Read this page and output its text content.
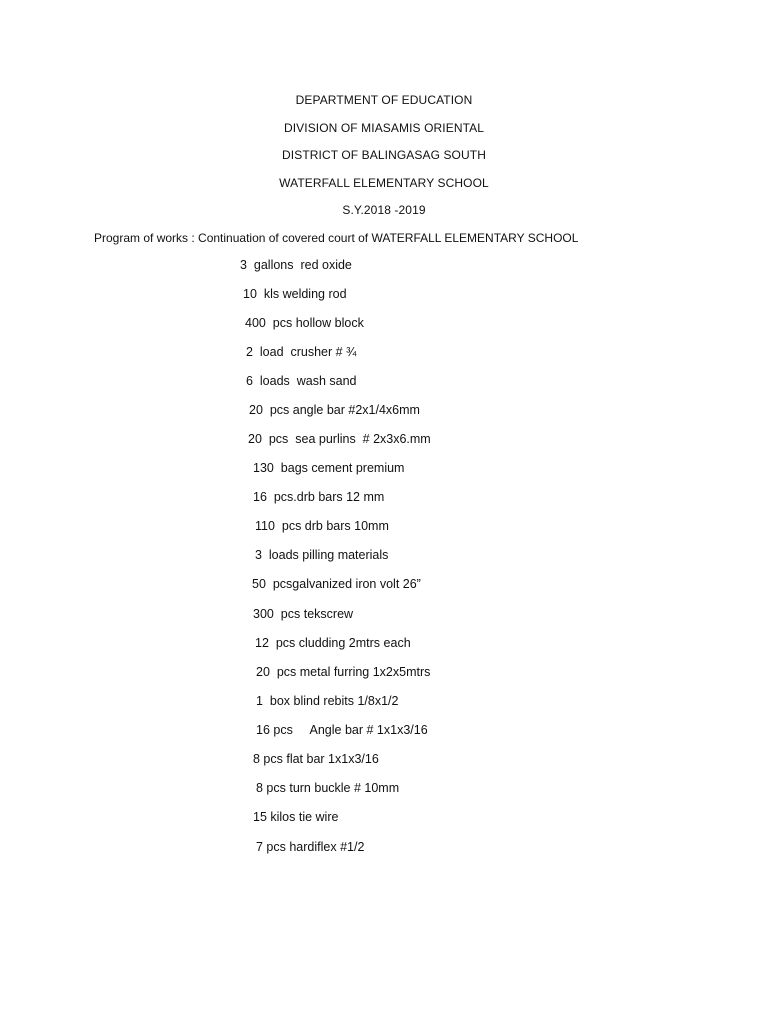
DEPARTMENT OF EDUCATION
DIVISION OF MIASAMIS ORIENTAL
DISTRICT OF BALINGASAG SOUTH
WATERFALL ELEMENTARY SCHOOL
S.Y.2018 -2019
Program of works : Continuation of covered court of WATERFALL ELEMENTARY SCHOOL
3  gallons  red oxide
10  kls welding rod
400  pcs hollow block
2  load  crusher # ¾
6  loads  wash sand
20  pcs angle bar #2x1/4x6mm
20  pcs  sea purlins  # 2x3x6.mm
130  bags cement premium
16  pcs.drb bars 12 mm
110  pcs drb bars 10mm
3  loads pilling materials
50  pcsgalvanized iron volt 26”
300  pcs tekscrew
12  pcs cludding 2mtrs each
20  pcs metal furring 1x2x5mtrs
1  box blind rebits 1/8x1/2
16 pcs     Angle bar # 1x1x3/16
8 pcs flat bar 1x1x3/16
8 pcs turn buckle # 10mm
15 kilos tie wire
7 pcs hardiflex #1/2
